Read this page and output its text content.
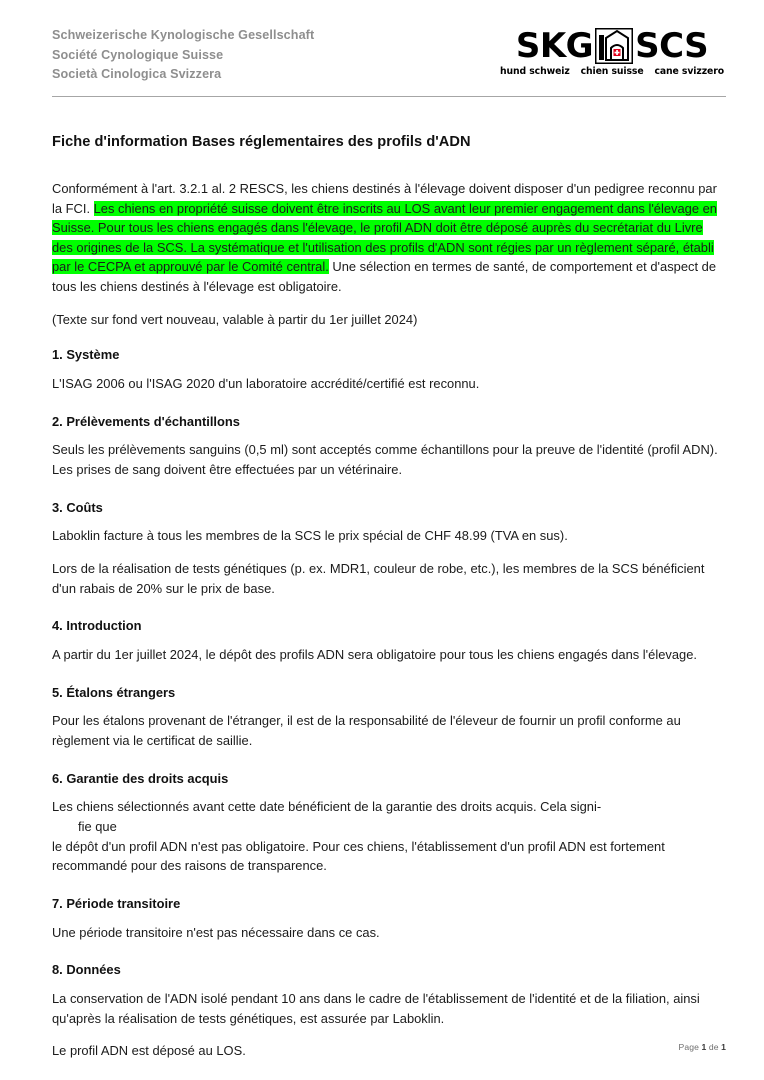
Schweizerische Kynologische Gesellschaft
Société Cynologique Suisse
Società Cinologica Svizzera
SKG SCS
hund schweiz chien suisse cane svizzero
Fiche d'information Bases réglementaires des profils d'ADN

Conformément à l'art. 3.2.1 al. 2 RESCS, les chiens destinés à l'élevage doivent disposer d'un pedigree reconnu par la FCI. Les chiens en propriété suisse doivent être inscrits au LOS avant leur premier engagement dans l'élevage en Suisse. Pour tous les chiens engagés dans l'élevage, le profil ADN doit être déposé auprès du secrétariat du Livre des origines de la SCS. La systématique et l'utilisation des profils d'ADN sont régies par un règlement séparé, établi par le CECPA et approuvé par le Comité central. Une sélection en termes de santé, de comportement et d'aspect de tous les chiens destinés à l'élevage est obligatoire.

(Texte sur fond vert nouveau, valable à partir du 1er juillet 2024)

1. Système

L'ISAG 2006 ou l'ISAG 2020 d'un laboratoire accrédité/certifié est reconnu.

2. Prélèvements d'échantillons

Seuls les prélèvements sanguins (0,5 ml) sont acceptés comme échantillons pour la preuve de l'identité (profil ADN). Les prises de sang doivent être effectuées par un vétérinaire.

3. Coûts

Laboklin facture à tous les membres de la SCS le prix spécial de CHF 48.99 (TVA en sus).

Lors de la réalisation de tests génétiques (p. ex. MDR1, couleur de robe, etc.), les membres de la SCS bénéficient d'un rabais de 20% sur le prix de base.

4. Introduction

A partir du 1er juillet 2024, le dépôt des profils ADN sera obligatoire pour tous les chiens engagés dans l'élevage.

5. Étalons étrangers

Pour les étalons provenant de l'étranger, il est de la responsabilité de l'éleveur de fournir un profil conforme au règlement via le certificat de saillie.

6. Garantie des droits acquis

Les chiens sélectionnés avant cette date bénéficient de la garantie des droits acquis. Cela signi-
fie que
le dépôt d'un profil ADN n'est pas obligatoire. Pour ces chiens, l'établissement d'un profil ADN est fortement recommandé pour des raisons de transparence.

7. Période transitoire

Une période transitoire n'est pas nécessaire dans ce cas.

8. Données

La conservation de l'ADN isolé pendant 10 ans dans le cadre de l'établissement de l'identité et de la filiation, ainsi qu'après la réalisation de tests génétiques, est assurée par Laboklin.

Le profil ADN est déposé au LOS.	Page 1 de 1
